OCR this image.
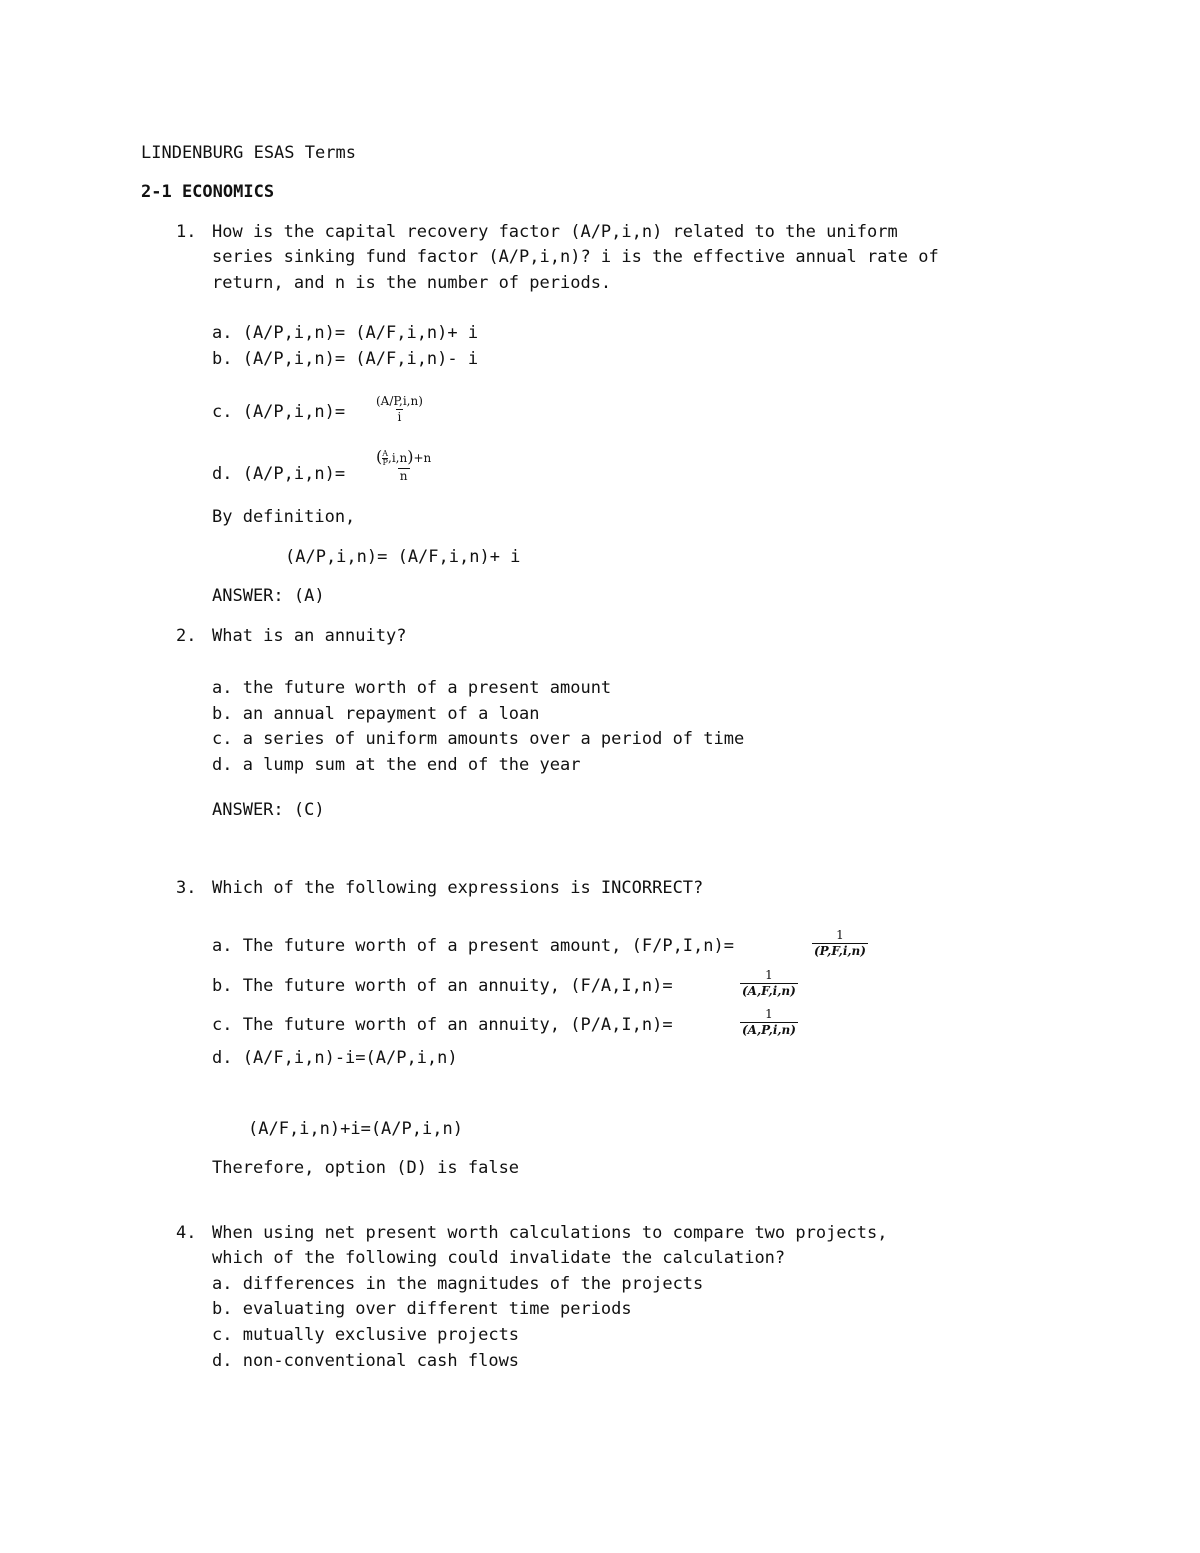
LINDENBURG ESAS Terms
2-1 ECONOMICS
1. How is the capital recovery factor (A/P,i,n) related to the uniform
series sinking fund factor (A/P,i,n)? i is the effective annual rate of
return, and n is the number of periods.
a. (A/P,i,n)= (A/F,i,n)+ i
b. (A/P,i,n)= (A/F,i,n)- i
c. $(A/P,i,n)= \frac{(A/P,i,n)}{i}$
d. $(A/P,i,n)= \frac{( \frac{A}{P} ,i,n)+n}{n}$
By definition,
(A/P,i,n)= (A/F,i,n)+ i
ANSWER: (A)
2. What is an annuity?
a. the future worth of a present amount
b. an annual repayment of a loan
c. a series of uniform amounts over a period of time
d. a lump sum at the end of the year
ANSWER: (C)
3. Which of the following expressions is INCORRECT?
a. The future worth of a present amount, (F/P,I,n)=	$\frac{1}{(P,F,i,n)}$
b. The future worth of an annuity, (F/A,I,n)=	$\frac{1}{(A,F,i,n)}$
c. The future worth of an annuity, (P/A,I,n)=	$\frac{1}{(A,P,i,n)}$
d. (A/F,i,n)-i=(A/P,i,n)
(A/F,i,n)+i=(A/P,i,n)
Therefore, option (D) is false
4. When using net present worth calculations to compare two projects,
which of the following could invalidate the calculation?
a. differences in the magnitudes of the projects
b. evaluating over different time periods
c. mutually exclusive projects
d. non-conventional cash flows
